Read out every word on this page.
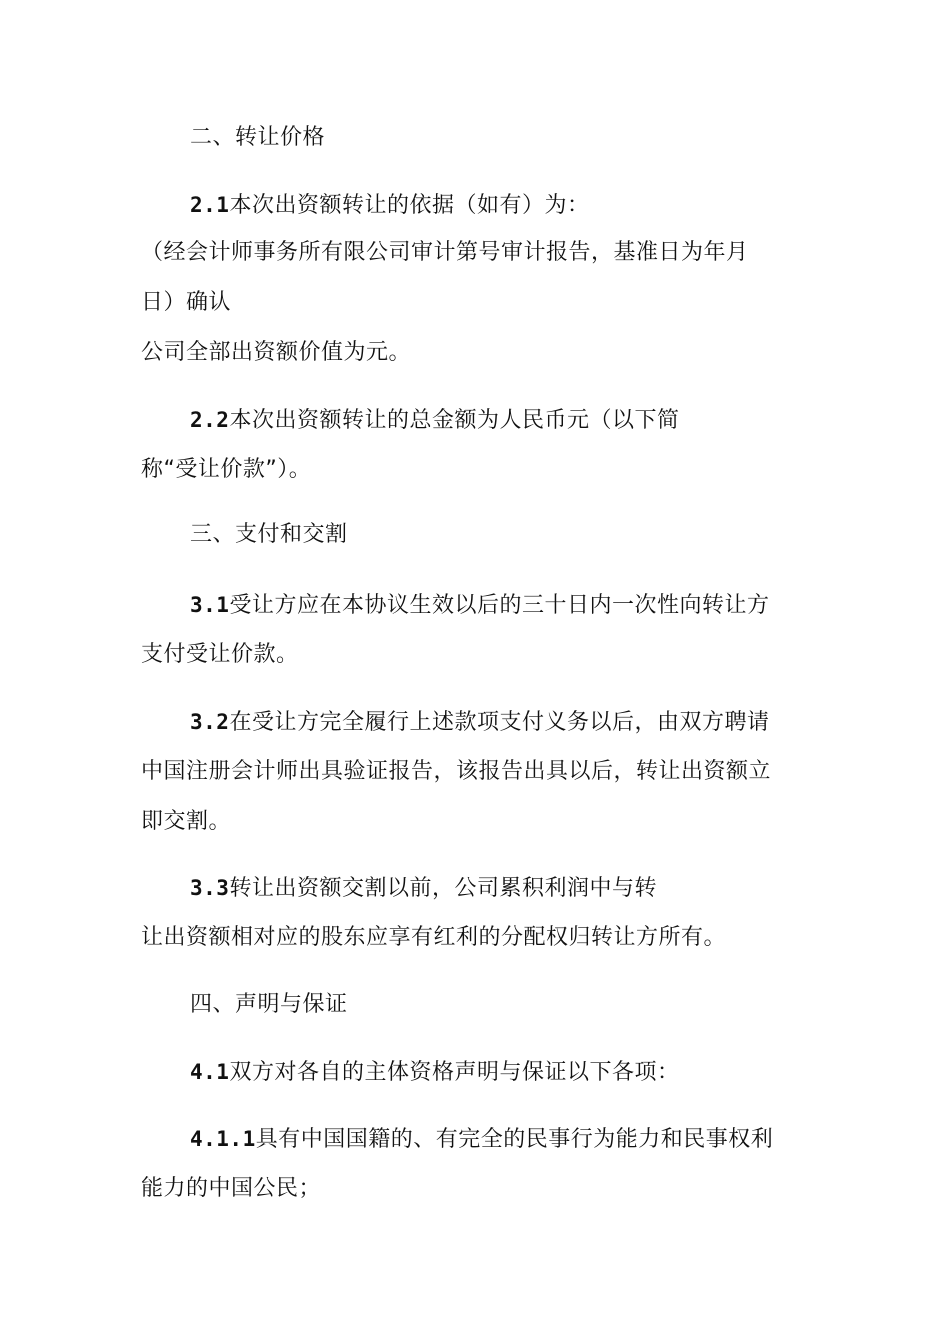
二、转让价格
2.1本次出资额转让的依据（如有）为：
（经会计师事务所有限公司审计第号审计报告，基准日为年月
日）确认
公司全部出资额价值为元。
2.2本次出资额转让的总金额为人民币元（以下简
称“受让价款”）。
三、支付和交割
3.1受让方应在本协议生效以后的三十日内一次性向转让方
支付受让价款。
3.2在受让方完全履行上述款项支付义务以后，由双方聘请
中国注册会计师出具验证报告，该报告出具以后，转让出资额立
即交割。
3.3转让出资额交割以前，公司累积利润中与转
让出资额相对应的股东应享有红利的分配权归转让方所有。
四、声明与保证
4.1双方对各自的主体资格声明与保证以下各项：
4.1.1具有中国国籍的、有完全的民事行为能力和民事权利
能力的中国公民；
